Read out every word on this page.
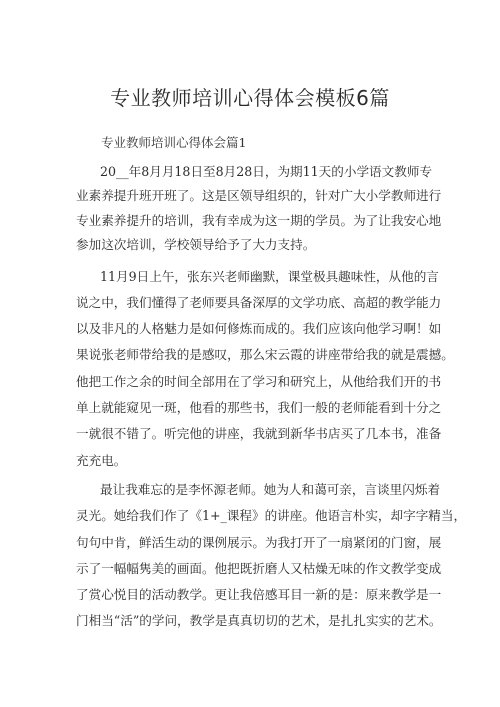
专业教师培训心得体会模板6篇
专业教师培训心得体会篇1
20__年8月月18日至8月28日，为期11天的小学语文教师专
业素养提升班开班了。这是区领导组织的，针对广大小学教师进行
专业素养提升的培训，我有幸成为这一期的学员。为了让我安心地
参加这次培训，学校领导给予了大力支持。
11月9日上午，张东兴老师幽默，课堂极具趣味性，从他的言
说之中，我们懂得了老师要具备深厚的文学功底、高超的教学能力
以及非凡的人格魅力是如何修炼而成的。我们应该向他学习啊！如
果说张老师带给我的是感叹，那么宋云霞的讲座带给我的就是震撼。
他把工作之余的时间全部用在了学习和研究上，从他给我们开的书
单上就能窥见一斑，他看的那些书，我们一般的老师能看到十分之
一就很不错了。听完他的讲座，我就到新华书店买了几本书，准备
充充电。
最让我难忘的是李怀源老师。她为人和蔼可亲，言谈里闪烁着
灵光。她给我们作了《1+_课程》的讲座。他语言朴实，却字字精当，
句句中肯，鲜活生动的课例展示。为我打开了一扇紧闭的门窗，展
示了一幅幅隽美的画面。他把既折磨人又枯燥无味的作文教学变成
了赏心悦目的活动教学。更让我倍感耳目一新的是：原来教学是一
门相当“活”的学问，教学是真真切切的艺术，是扎扎实实的艺术。
